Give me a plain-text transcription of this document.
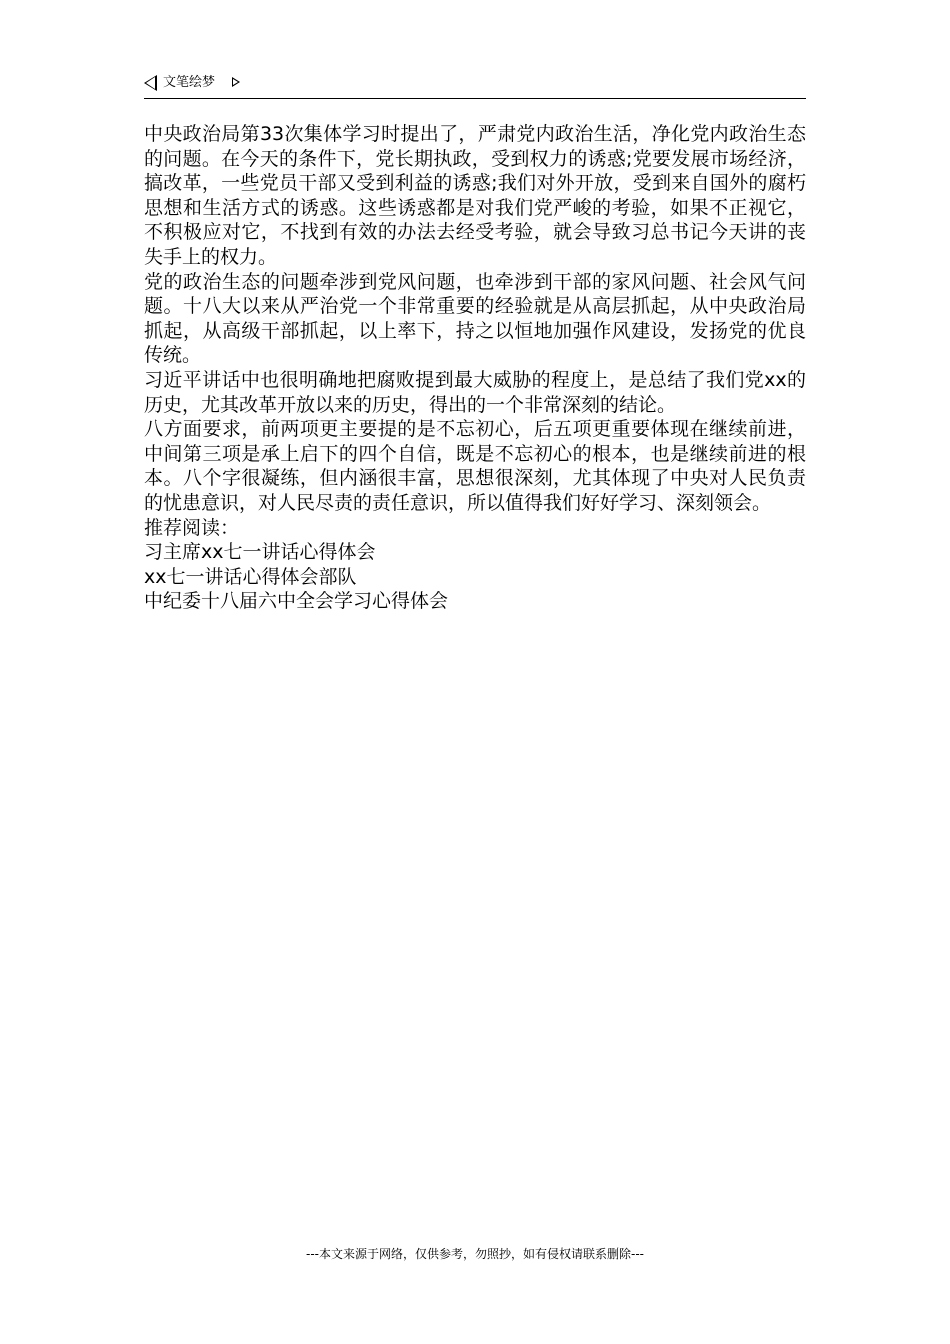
文笔绘梦

中央政治局第33次集体学习时提出了，严肃党内政治生活，净化党内政治生态的问题。在今天的条件下，党长期执政，受到权力的诱惑;党要发展市场经济，搞改革，一些党员干部又受到利益的诱惑;我们对外开放，受到来自国外的腐朽思想和生活方式的诱惑。这些诱惑都是对我们党严峻的考验，如果不正视它，不积极应对它，不找到有效的办法去经受考验，就会导致习总书记今天讲的丧失手上的权力。

党的政治生态的问题牵涉到党风问题，也牵涉到干部的家风问题、社会风气问题。十八大以来从严治党一个非常重要的经验就是从高层抓起，从中央政治局抓起，从高级干部抓起，以上率下，持之以恒地加强作风建设，发扬党的优良传统。

习近平讲话中也很明确地把腐败提到最大威胁的程度上，是总结了我们党xx的历史，尤其改革开放以来的历史，得出的一个非常深刻的结论。

八方面要求，前两项更主要提的是不忘初心，后五项更重要体现在继续前进，中间第三项是承上启下的四个自信，既是不忘初心的根本，也是继续前进的根本。八个字很凝练，但内涵很丰富，思想很深刻，尤其体现了中央对人民负责的忧患意识，对人民尽责的责任意识，所以值得我们好好学习、深刻领会。

推荐阅读：

习主席xx七一讲话心得体会

xx七一讲话心得体会部队

中纪委十八届六中全会学习心得体会

---本文来源于网络，仅供参考，勿照抄，如有侵权请联系删除---
